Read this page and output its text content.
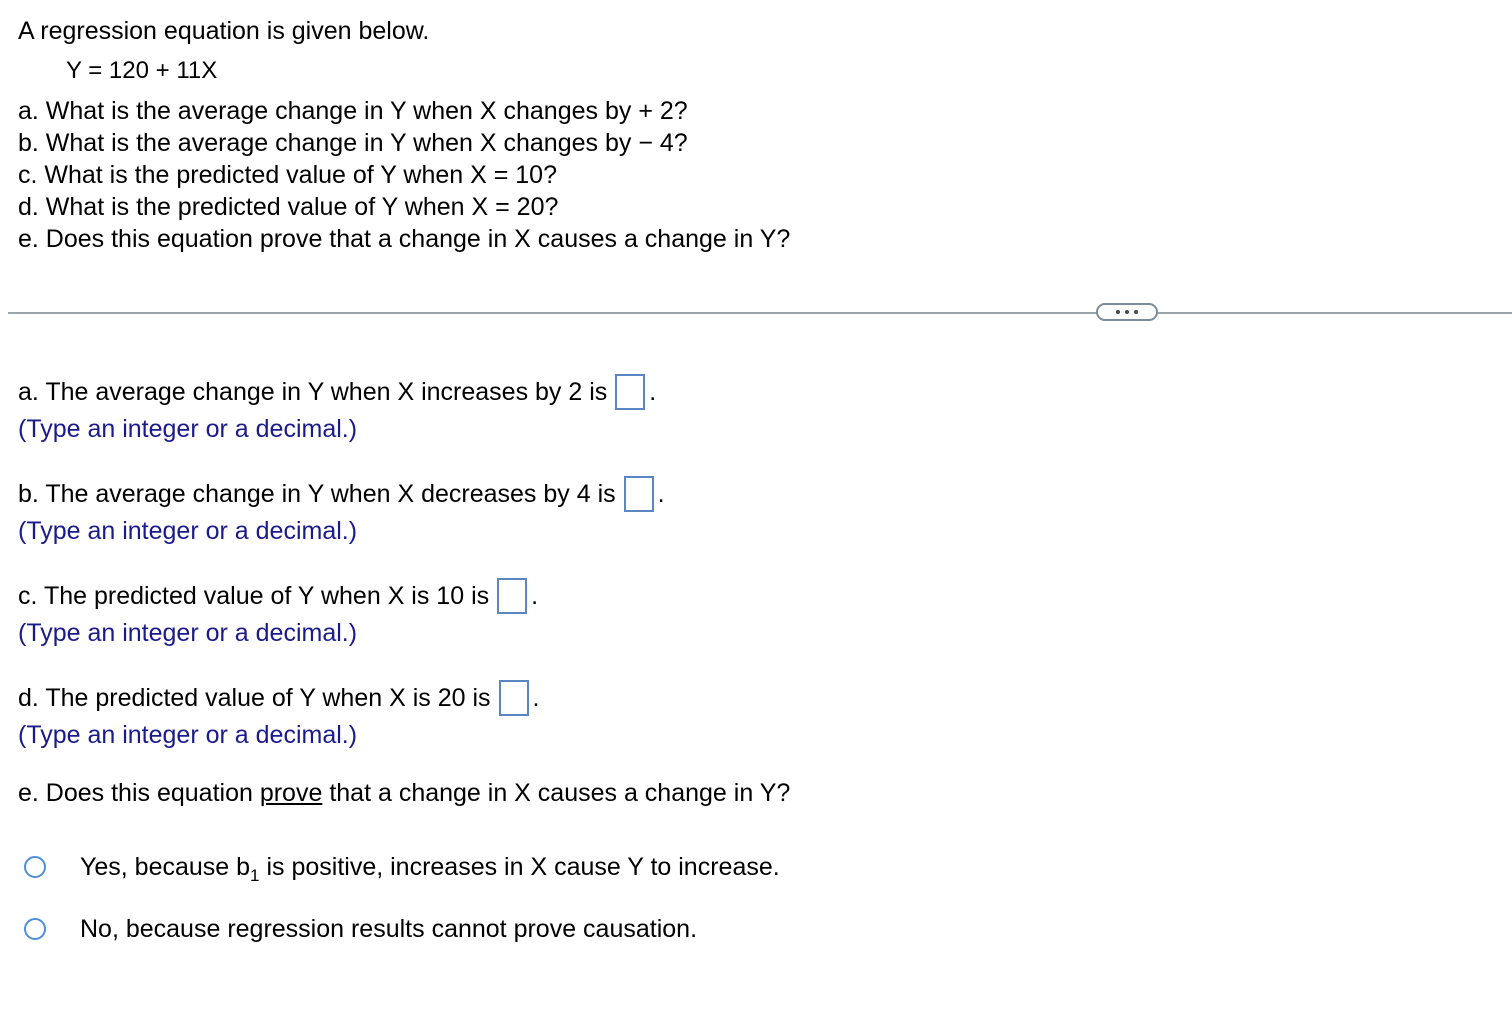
A regression equation is given below.
Y = 120 + 11X
a. What is the average change in Y when X changes by + 2?
b. What is the average change in Y when X changes by − 4?
c. What is the predicted value of Y when X = 10?
d. What is the predicted value of Y when X = 20?
e. Does this equation prove that a change in X causes a change in Y?
a. The average change in Y when X increases by 2 is .
(Type an integer or a decimal.)
b. The average change in Y when X decreases by 4 is .
(Type an integer or a decimal.)
c. The predicted value of Y when X is 10 is .
(Type an integer or a decimal.)
d. The predicted value of Y when X is 20 is .
(Type an integer or a decimal.)
e. Does this equation prove that a change in X causes a change in Y?
Yes, because $b_1$ is positive, increases in X cause Y to increase.
No, because regression results cannot prove causation.
